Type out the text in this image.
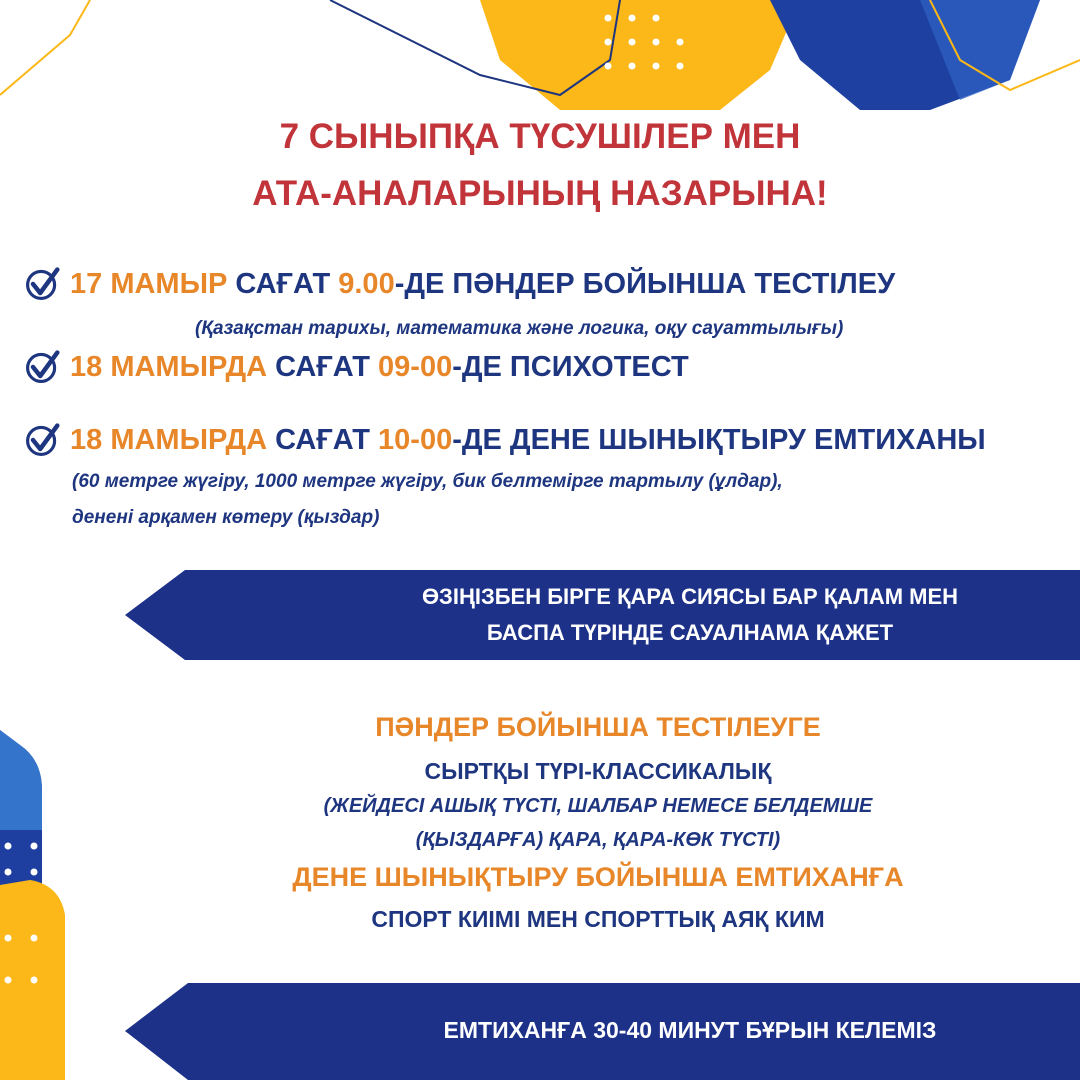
7 СЫНЫПҚА ТҮСУШІЛЕР МЕН
АТА-АНАЛАРЫНЫҢ НАЗАРЫНА!
17 МАМЫР САҒАТ 9.00 -ДЕ ПӘНДЕР БОЙЫНША ТЕСТІЛЕУ
(Қазақстан тарихы, математика және логика, оқу сауаттылығы)
18 МАМЫРДА САҒАТ 09-00 -ДЕ ПСИХОТЕСТ
18 МАМЫРДА САҒАТ 10-00 -ДЕ ДЕНЕ ШЫНЫҚТЫРУ ЕМТИХАНЫ
(60 метрге жүгіру, 1000 метрге жүгіру, бик белтемірге тартылу (ұлдар),
денені арқамен көтеру (қыздар)
ӨЗІҢІЗБЕН БІРГЕ ҚАРА СИЯСЫ БАР ҚАЛАМ МЕН
БАСПА ТҮРІНДЕ САУАЛНАМА ҚАЖЕТ
ПӘНДЕР БОЙЫНША ТЕСТІЛЕУГЕ
СЫРТҚЫ ТҮРІ-КЛАССИКАЛЫҚ
(ЖЕЙДЕСІ АШЫҚ ТҮСТІ, ШАЛБАР НЕМЕСЕ БЕЛДЕМШЕ
(ҚЫЗДАРҒА) ҚАРА, ҚАРА-КӨК ТҮСТІ)
ДЕНЕ ШЫНЫҚТЫРУ БОЙЫНША ЕМТИХАНҒА
СПОРТ КИІМІ МЕН СПОРТТЫҚ АЯҚ КИМ
ЕМТИХАНҒА 30-40 МИНУТ БҰРЫН КЕЛЕМІЗ
